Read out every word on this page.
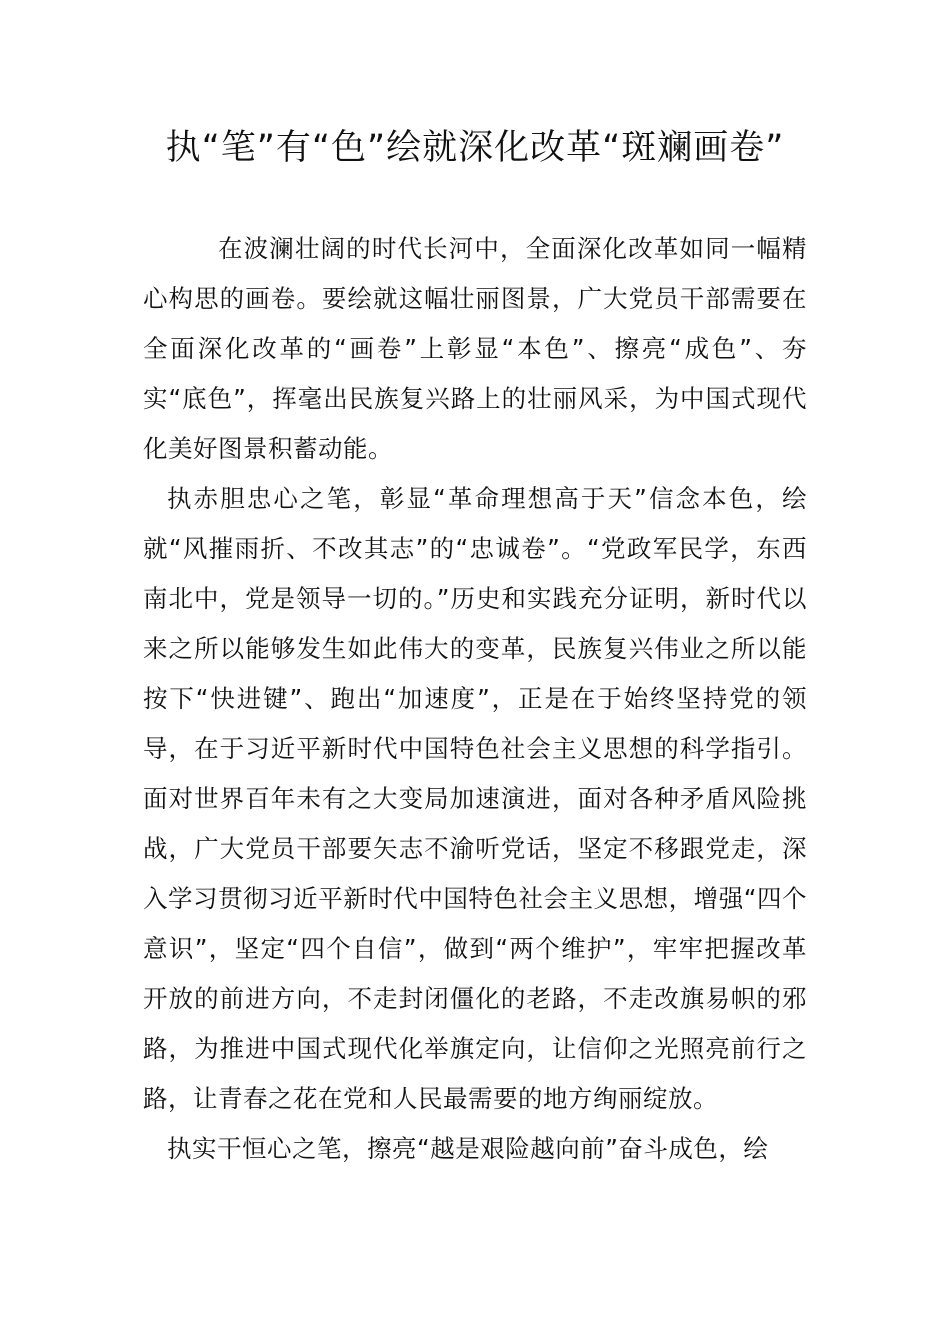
执“笔”有“色”绘就深化改革“斑斓画卷”

在波澜壮阔的时代长河中，全面深化改革如同一幅精心构思的画卷。要绘就这幅壮丽图景，广大党员干部需要在全面深化改革的“画卷”上彰显“本色”、擦亮“成色”、夯实“底色”，挥毫出民族复兴路上的壮丽风采，为中国式现代化美好图景积蓄动能。

执赤胆忠心之笔，彰显“革命理想高于天”信念本色，绘就“风摧雨折、不改其志”的“忠诚卷”。“党政军民学，东西南北中，党是领导一切的。”历史和实践充分证明，新时代以来之所以能够发生如此伟大的变革，民族复兴伟业之所以能按下“快进键”、跑出“加速度”，正是在于始终坚持党的领导，在于习近平新时代中国特色社会主义思想的科学指引。面对世界百年未有之大变局加速演进，面对各种矛盾风险挑战，广大党员干部要矢志不渝听党话，坚定不移跟党走，深入学习贯彻习近平新时代中国特色社会主义思想，增强“四个意识”，坚定“四个自信”，做到“两个维护”，牢牢把握改革开放的前进方向，不走封闭僵化的老路，不走改旗易帜的邪路，为推进中国式现代化举旗定向，让信仰之光照亮前行之路，让青春之花在党和人民最需要的地方绚丽绽放。

执实干恒心之笔，擦亮“越是艰险越向前”奋斗成色，绘
